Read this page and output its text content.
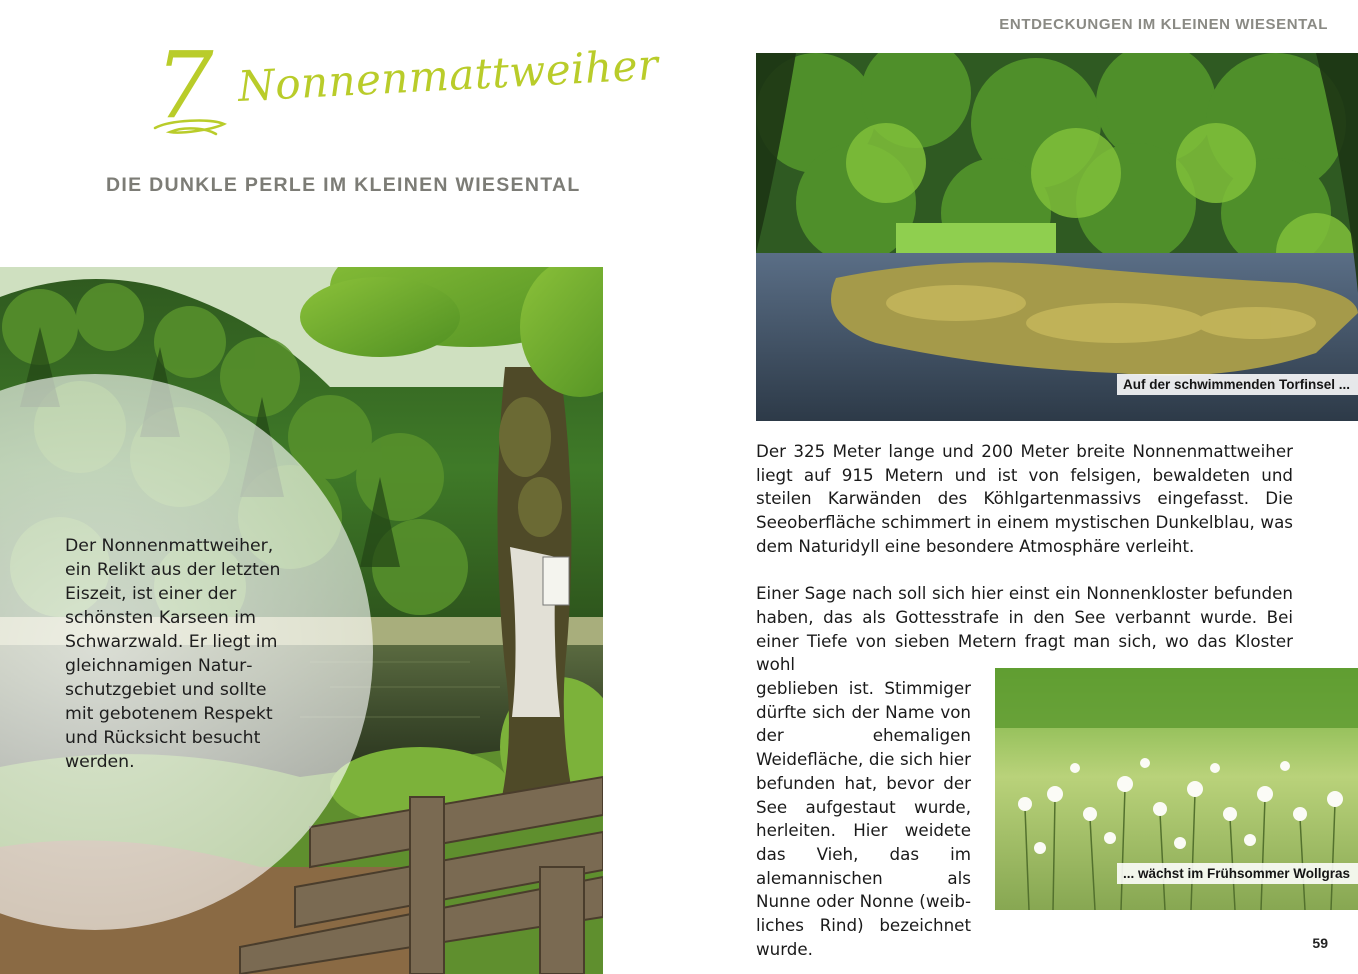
ENTDECKUNGEN IM KLEINEN WIESENTAL
7 Nonnenmattweiher
DIE DUNKLE PERLE IM KLEINEN WIESENTAL
Der Nonnenmattweiher, ein Relikt aus der letzten Eiszeit, ist einer der schönsten Karseen im Schwarzwald. Er liegt im gleichnamigen Naturschutzgebiet und sollte mit gebotenem Respekt und Rücksicht besucht werden.
Auf der schwimmenden Torfinsel ...

Der 325 Meter lange und 200 Meter breite Nonnenmattweiher liegt auf 915 Metern und ist von felsigen, bewaldeten und steilen Karwänden des Köhlgartenmassivs eingefasst. Die Seeoberfläche schimmert in einem mystischen Dunkelblau, was dem Naturidyll eine besondere Atmosphäre verleiht.

Einer Sage nach soll sich hier einst ein Nonnenkloster befunden haben, das als Gottesstrafe in den See verbannt wurde. Bei einer Tiefe von sieben Metern fragt man sich, wo das Kloster wohl

geblieben ist. Stimmiger dürfte sich der Name von der ehemaligen Weidefläche, die sich hier befunden hat, bevor der See aufgestaut wurde, herleiten. Hier weidete das Vieh, das im alemannischen als Nunne oder Nonne (weibliches Rind) bezeichnet wurde.

... wächst im Frühsommer Wollgras
59
